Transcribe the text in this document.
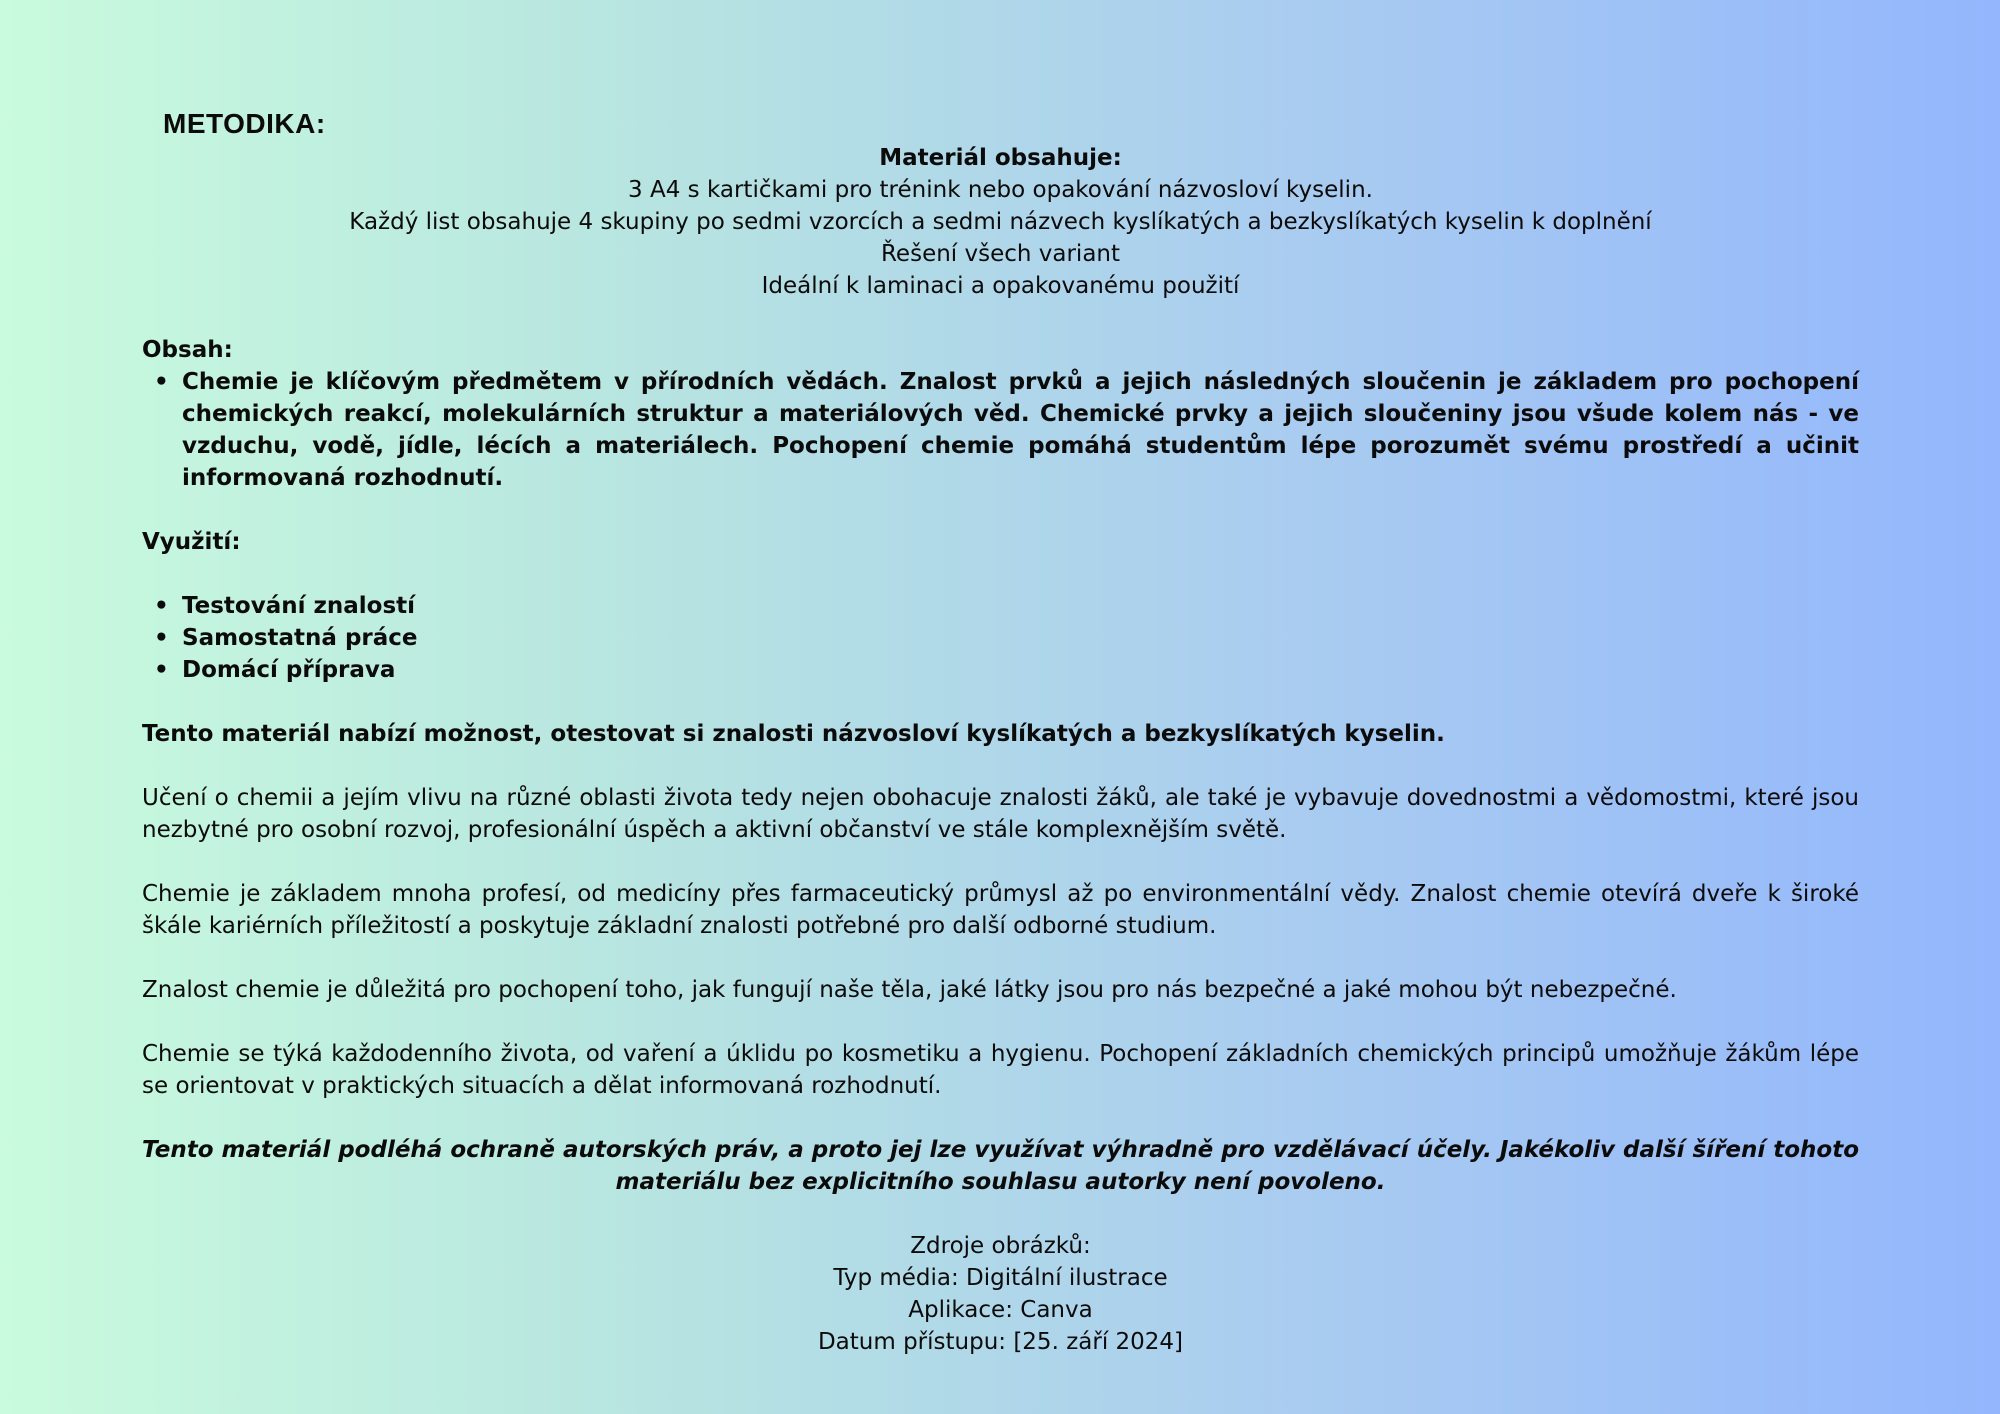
METODIKA:
Materiál obsahuje:
3 A4 s kartičkami pro trénink nebo opakování názvosloví kyselin.
Každý list obsahuje 4 skupiny po sedmi vzorcích a sedmi názvech kyslíkatých a bezkyslíkatých kyselin k doplnění
Řešení všech variant
Ideální k laminaci a opakovanému použití
Obsah:
• Chemie je klíčovým předmětem v přírodních vědách. Znalost prvků a jejich následných sloučenin je základem pro pochopení chemických reakcí, molekulárních struktur a materiálových věd. Chemické prvky a jejich sloučeniny jsou všude kolem nás - ve vzduchu, vodě, jídle, lécích a materiálech. Pochopení chemie pomáhá studentům lépe porozumět svému prostředí a učinit informovaná rozhodnutí.
Využití:
• Testování znalostí
• Samostatná práce
• Domácí příprava

Tento materiál nabízí možnost, otestovat si znalosti názvosloví kyslíkatých a bezkyslíkatých kyselin.

Učení o chemii a jejím vlivu na různé oblasti života tedy nejen obohacuje znalosti žáků, ale také je vybavuje dovednostmi a vědomostmi, které jsou nezbytné pro osobní rozvoj, profesionální úspěch a aktivní občanství ve stále komplexnějším světě.

Chemie je základem mnoha profesí, od medicíny přes farmaceutický průmysl až po environmentální vědy. Znalost chemie otevírá dveře k široké škále kariérních příležitostí a poskytuje základní znalosti potřebné pro další odborné studium.

Znalost chemie je důležitá pro pochopení toho, jak fungují naše těla, jaké látky jsou pro nás bezpečné a jaké mohou být nebezpečné.

Chemie se týká každodenního života, od vaření a úklidu po kosmetiku a hygienu. Pochopení základních chemických principů umožňuje žákům lépe se orientovat v praktických situacích a dělat informovaná rozhodnutí.

Tento materiál podléhá ochraně autorských práv, a proto jej lze využívat výhradně pro vzdělávací účely. Jakékoliv další šíření tohoto materiálu bez explicitního souhlasu autorky není povoleno.

Zdroje obrázků:
Typ média: Digitální ilustrace
Aplikace: Canva
Datum přístupu: [25. září 2024]
